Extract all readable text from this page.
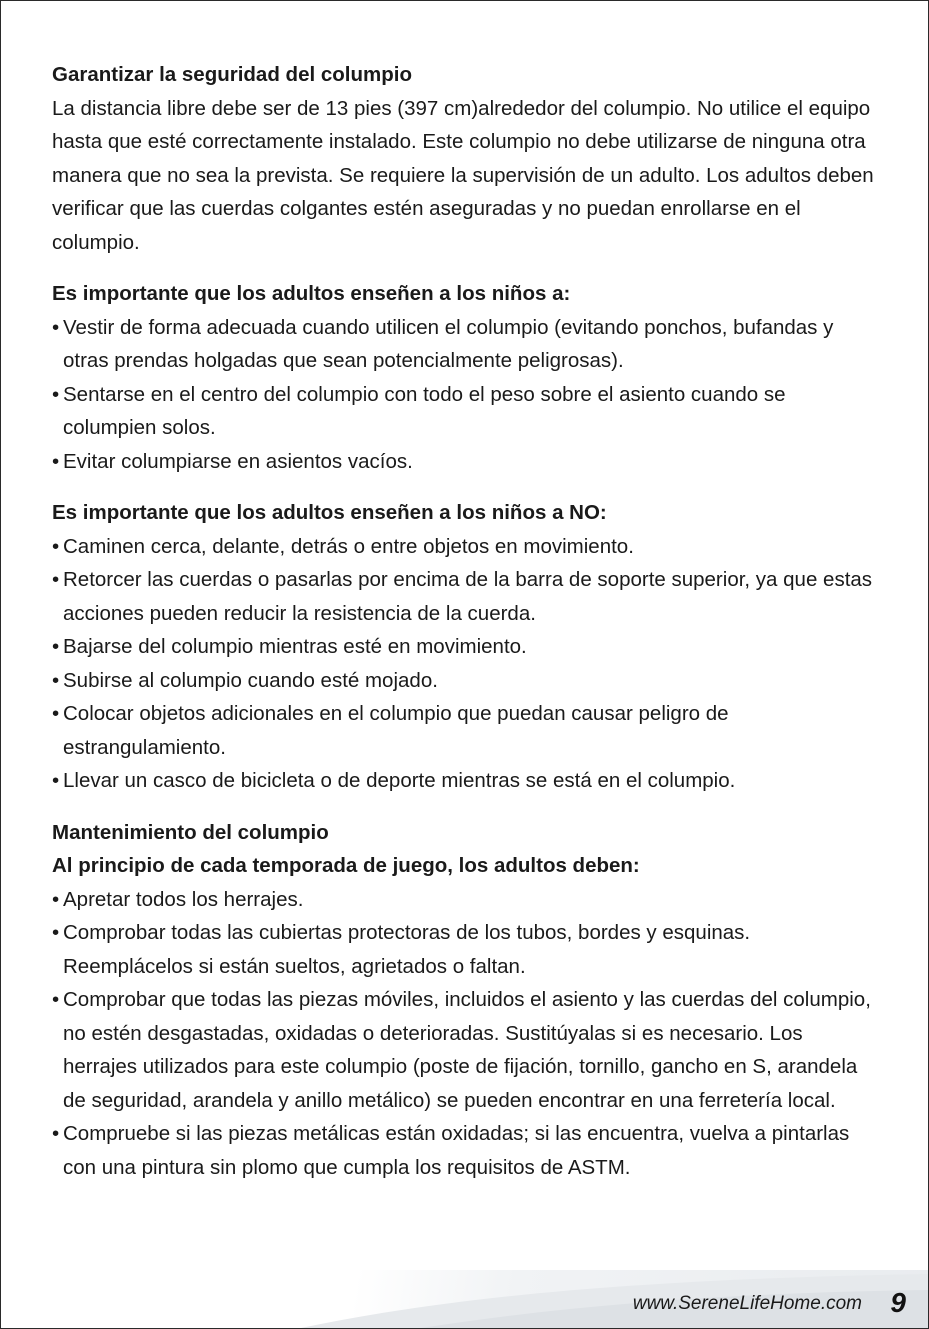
Garantizar la seguridad del columpio

La distancia libre debe ser de 13 pies (397 cm)alrededor del columpio. No utilice el equipo hasta que esté correctamente instalado. Este columpio no debe utilizarse de ninguna otra manera que no sea la prevista. Se requiere la supervisión de un adulto. Los adultos deben verificar que las cuerdas colgantes estén aseguradas y no puedan enrollarse en el columpio.

Es importante que los adultos enseñen a los niños a:
• Vestir de forma adecuada cuando utilicen el columpio (evitando ponchos, bufandas y otras prendas holgadas que sean potencialmente peligrosas).
• Sentarse en el centro del columpio con todo el peso sobre el asiento cuando se columpien solos.
• Evitar columpiarse en asientos vacíos.
Es importante que los adultos enseñen a los niños a NO:
• Caminen cerca, delante, detrás o entre objetos en movimiento.
• Retorcer las cuerdas o pasarlas por encima de la barra de soporte superior, ya que estas acciones pueden reducir la resistencia de la cuerda.
• Bajarse del columpio mientras esté en movimiento.
• Subirse al columpio cuando esté mojado.
• Colocar objetos adicionales en el columpio que puedan causar peligro de estrangulamiento.
• Llevar un casco de bicicleta o de deporte mientras se está en el columpio.
Mantenimiento del columpio
Al principio de cada temporada de juego, los adultos deben:
• Apretar todos los herrajes.
• Comprobar todas las cubiertas protectoras de los tubos, bordes y esquinas. Reemplácelos si están sueltos, agrietados o faltan.
• Comprobar que todas las piezas móviles, incluidos el asiento y las cuerdas del columpio, no estén desgastadas, oxidadas o deterioradas. Sustitúyalas si es necesario. Los herrajes utilizados para este columpio (poste de fijación, tornillo, gancho en S, arandela de seguridad, arandela y anillo metálico) se pueden encontrar en una ferretería local.
• Compruebe si las piezas metálicas están oxidadas; si las encuentra, vuelva a pintarlas con una pintura sin plomo que cumpla los requisitos de ASTM.
www.SereneLifeHome.com 9
